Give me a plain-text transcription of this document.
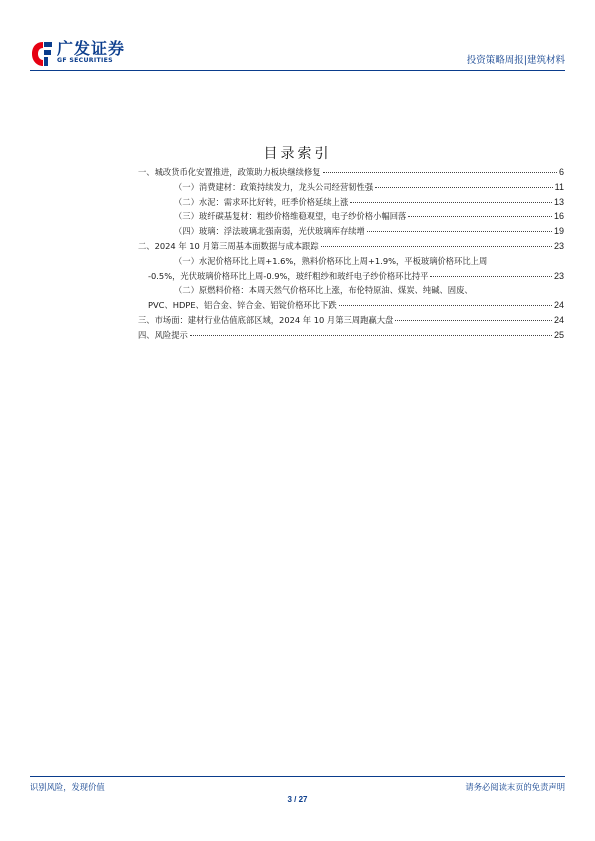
广发证券
GF SECURITIES	投资策略周报|建筑材料
目录索引
一、城改货币化安置推进，政策助力板块继续修复	6
（一）消费建材：政策持续发力，龙头公司经营韧性强	11
（二）水泥：需求环比好转，旺季价格延续上涨	13
（三）玻纤碳基复材：粗纱价格维稳观望，电子纱价格小幅回落	16
（四）玻璃：浮法玻璃北强南弱，光伏玻璃库存续增	19
二、2024 年 10 月第三周基本面数据与成本跟踪	23
（一）水泥价格环比上周+1.6%，熟料价格环比上周+1.9%，平板玻璃价格环比上周
-0.5%，光伏玻璃价格环比上周-0.9%，玻纤粗纱和玻纤电子纱价格环比持平	23
（二）原燃料价格：本周天然气价格环比上涨，布伦特原油、煤炭、纯碱、固废、
PVC、HDPE、铝合金、锌合金、铝锭价格环比下跌	24
三、市场面：建材行业估值底部区域，2024 年 10 月第三周跑赢大盘	24
四、风险提示	25
识别风险，发现价值	请务必阅读末页的免责声明
3 / 27
